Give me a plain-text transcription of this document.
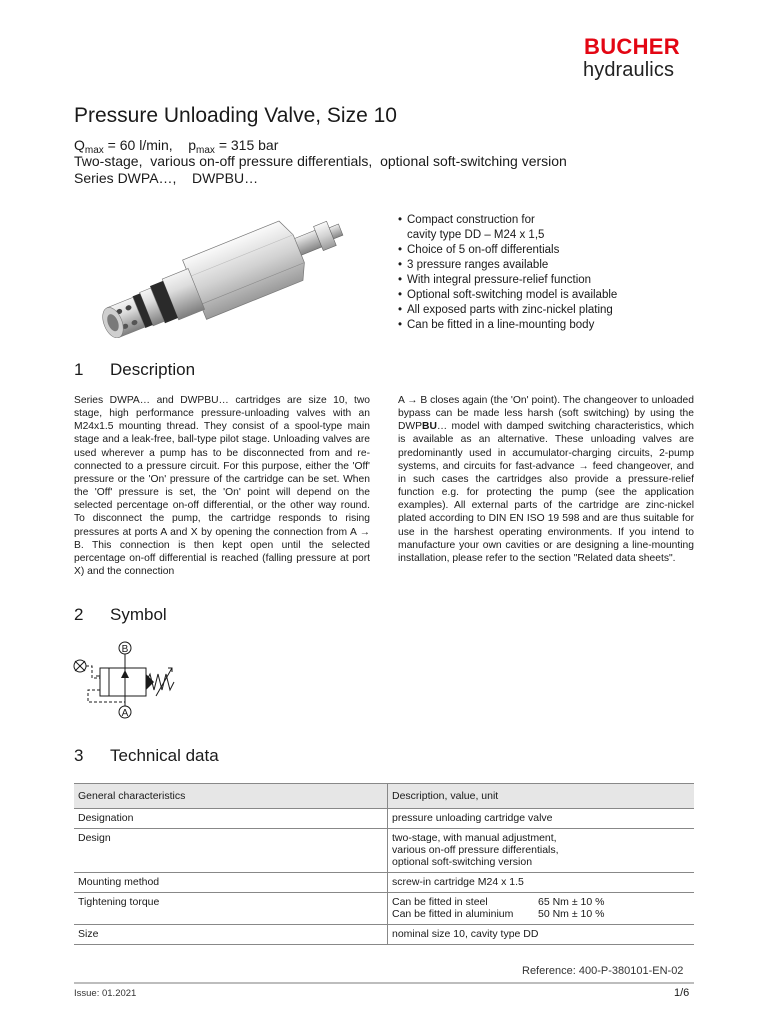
BUCHER
hydraulics
Pressure Unloading Valve, Size 10
$Q_{max} = 60$ l/min, $p_{max} = 315$ bar
Two-stage,  various on-off pressure differentials,  optional soft-switching version
Series DWPA…,    DWPBU…
• Compact construction for
cavity type DD – M24 x 1,5
• Choice of 5 on-off differentials
• 3 pressure ranges available
• With integral pressure-relief function
• Optional soft-switching model is available
• All exposed parts with zinc-nickel plating
• Can be fitted in a line-mounting body
1 Description

Series DWPA… and DWPBU… cartridges are size 10, two stage, high performance pressure-unloading valves with an M24x1.5 mounting thread. They consist of a spool-type main stage and a leak-free, ball-type pilot stage. Unloading valves are used wherever a pump has to be disconnected from and re-connected to a pressure circuit. For this purpose, either the 'Off' pressure or the 'On' pressure of the cartridge can be set. When the 'Off' pressure is set, the 'On' point will depend on the selected percentage on-off differential, or the other way round. To disconnect the pump, the cartridge responds to rising pressures at ports A and X by opening the connection from A → B. This connection is then kept open until the selected percentage on-off differential is reached (falling pressure at port X) and the connection

A → B closes again (the 'On' point). The changeover to unloaded bypass can be made less harsh (soft switching) by using the DWPBU… model with damped switching characteristics, which is available as an alternative. These unloading valves are predominantly used in accumulator-charging circuits, 2-pump systems, and circuits for fast-advance → feed changeover, and in such cases the cartridges also provide a pressure-relief function e.g. for protecting the pump (see the application examples). All external parts of the cartridge are zinc-nickel plated according to DIN EN ISO 19 598 and are thus suitable for use in the harshest operating environments. If you intend to manufacture your own cavities or are designing a line-mounting installation, please refer to the section "Related data sheets".

2 Symbol
B
A
X
3 Technical data
General characteristics	Description, value, unit
Designation	pressure unloading cartridge valve

Design	two-stage, with manual adjustment,
various on-off pressure differentials,
optional soft-switching version

Mounting method	screw-in cartridge M24 x 1.5

Tightening torque	Can be fitted in steel 65 Nm ± 10 %
Can be fitted in aluminium 50 Nm ± 10 %

Size	nominal size 10, cavity type DD
Reference: 400-P-380101-EN-02
Issue: 01.2021	1/6
